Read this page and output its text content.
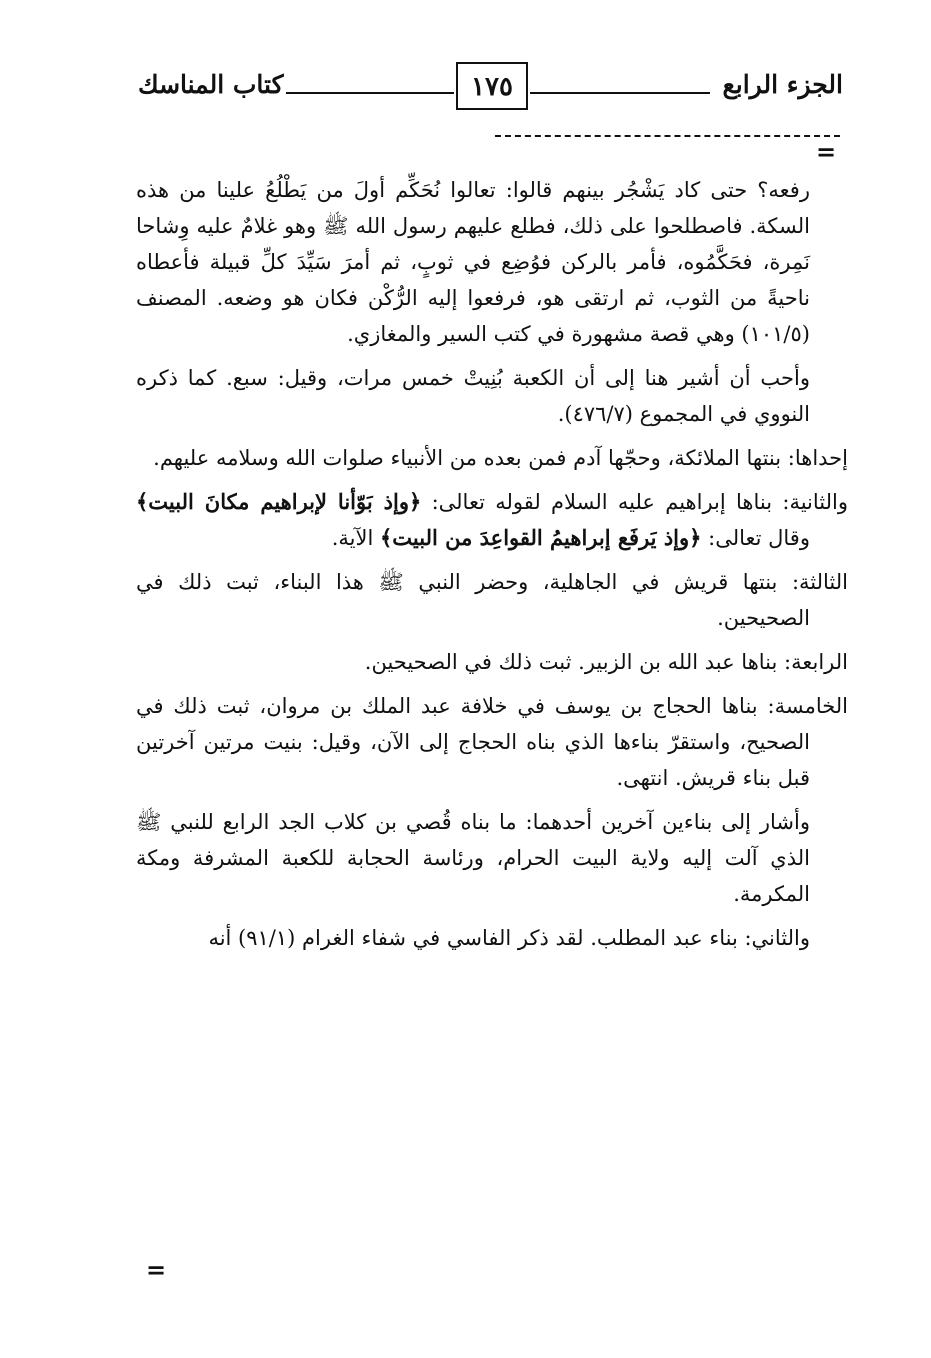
الجزء الرابع
١٧٥
كتاب المناسك
=

رفعه؟ حتى كاد يَشْجُر بينهم قالوا: تعالوا نُحَكِّم أولَ من يَطْلُعُ علينا من هذه السكة. فاصطلحوا على ذلك، فطلع عليهم رسول الله ﷺ وهو غلامٌ عليه وِشاحا نَمِرة، فحَكَّمُوه، فأمر بالركن فوُضِع في ثوبٍ، ثم أمرَ سَيِّدَ كلِّ قبيلة فأعطاه ناحيةً من الثوب، ثم ارتقى هو، فرفعوا إليه الرُّكْن فكان هو وضعه. المصنف (١٠١/٥) وهي قصة مشهورة في كتب السير والمغازي.

وأحب أن أشير هنا إلى أن الكعبة بُنِيتْ خمس مرات، وقيل: سبع. كما ذكره النووي في المجموع (٤٧٦/٧).

إحداها: بنتها الملائكة، وحجّها آدم فمن بعده من الأنبياء صلوات الله وسلامه عليهم.

والثانية: بناها إبراهيم عليه السلام لقوله تعالى: ﴿وإذ بَوّأنا لإبراهيم مكانَ البيت﴾ وقال تعالى: ﴿وإذ يَرفَع إبراهيمُ القواعِدَ من البيت﴾ الآية.

الثالثة: بنتها قريش في الجاهلية، وحضر النبي ﷺ هذا البناء، ثبت ذلك في الصحيحين.

الرابعة: بناها عبد الله بن الزبير. ثبت ذلك في الصحيحين.

الخامسة: بناها الحجاج بن يوسف في خلافة عبد الملك بن مروان، ثبت ذلك في الصحيح، واستقرّ بناءها الذي بناه الحجاج إلى الآن، وقيل: بنيت مرتين آخرتين قبل بناء قريش. انتهى.

وأشار إلى بناءين آخرين أحدهما: ما بناه قُصي بن كلاب الجد الرابع للنبي ﷺ الذي آلت إليه ولاية البيت الحرام، ورئاسة الحجابة للكعبة المشرفة ومكة المكرمة.

والثاني: بناء عبد المطلب. لقد ذكر الفاسي في شفاء الغرام (٩١/١) أنه

=
